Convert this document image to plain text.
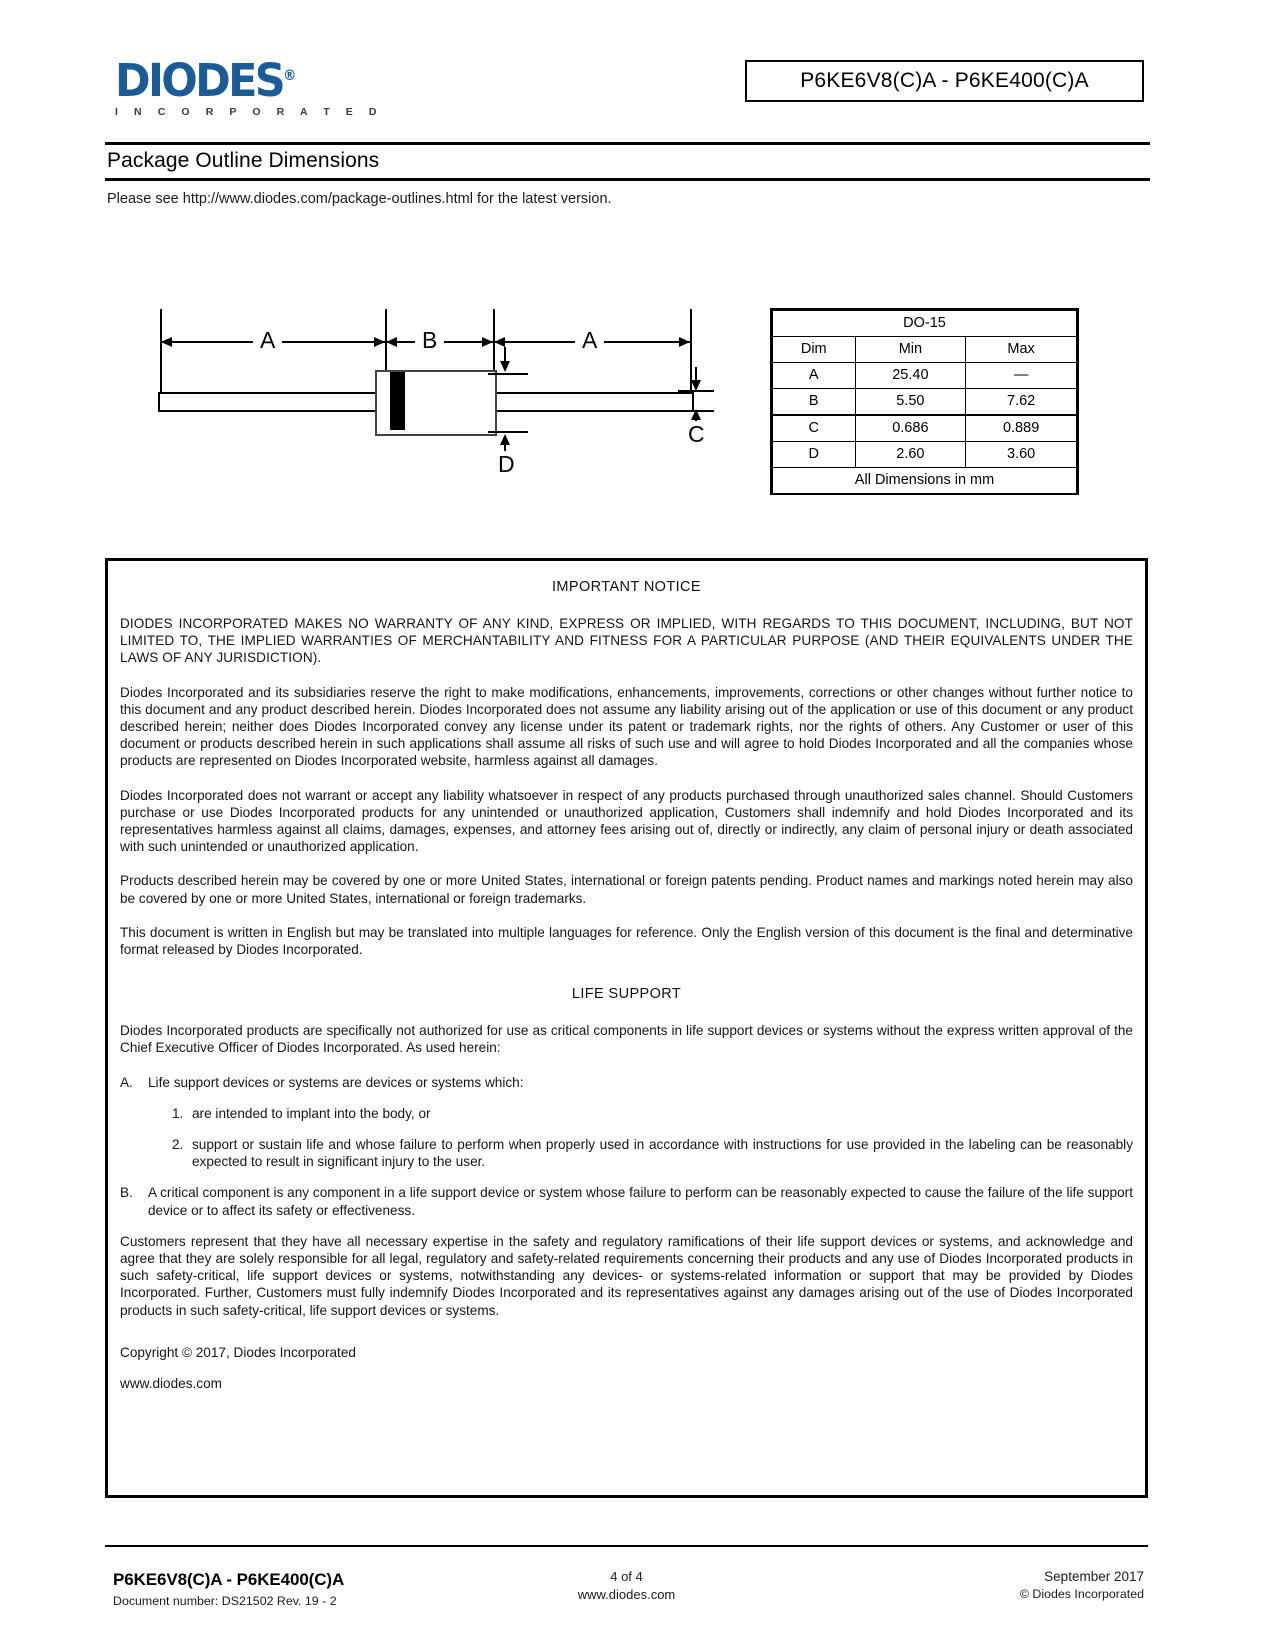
DIODES®
I N C O R P O R A T E D
P6KE6V8(C)A - P6KE400(C)A
Package Outline Dimensions
Please see http://www.diodes.com/package-outlines.html for the latest version.
A	B	A
D
C
DO-15		
Dim	Min	Max
A	25.40	—
B	5.50	7.62
C	0.686	0.889
D	2.60	3.60
All Dimensions in mm		
IMPORTANT NOTICE

DIODES INCORPORATED MAKES NO WARRANTY OF ANY KIND, EXPRESS OR IMPLIED, WITH REGARDS TO THIS DOCUMENT, INCLUDING, BUT NOT LIMITED TO, THE IMPLIED WARRANTIES OF MERCHANTABILITY AND FITNESS FOR A PARTICULAR PURPOSE (AND THEIR EQUIVALENTS UNDER THE LAWS OF ANY JURISDICTION).

Diodes Incorporated and its subsidiaries reserve the right to make modifications, enhancements, improvements, corrections or other changes without further notice to this document and any product described herein. Diodes Incorporated does not assume any liability arising out of the application or use of this document or any product described herein; neither does Diodes Incorporated convey any license under its patent or trademark rights, nor the rights of others. Any Customer or user of this document or products described herein in such applications shall assume all risks of such use and will agree to hold Diodes Incorporated and all the companies whose products are represented on Diodes Incorporated website, harmless against all damages.

Diodes Incorporated does not warrant or accept any liability whatsoever in respect of any products purchased through unauthorized sales channel. Should Customers purchase or use Diodes Incorporated products for any unintended or unauthorized application, Customers shall indemnify and hold Diodes Incorporated and its representatives harmless against all claims, damages, expenses, and attorney fees arising out of, directly or indirectly, any claim of personal injury or death associated with such unintended or unauthorized application.

Products described herein may be covered by one or more United States, international or foreign patents pending. Product names and markings noted herein may also be covered by one or more United States, international or foreign trademarks.

This document is written in English but may be translated into multiple languages for reference. Only the English version of this document is the final and determinative format released by Diodes Incorporated.

LIFE SUPPORT

Diodes Incorporated products are specifically not authorized for use as critical components in life support devices or systems without the express written approval of the Chief Executive Officer of Diodes Incorporated. As used herein:

A.	Life support devices or systems are devices or systems which:
1. are intended to implant into the body, or
2. support or sustain life and whose failure to perform when properly used in accordance with instructions for use provided in the labeling can be reasonably expected to result in significant injury to the user.
B.	A critical component is any component in a life support device or system whose failure to perform can be reasonably expected to cause the failure of the life support device or to affect its safety or effectiveness.

Customers represent that they have all necessary expertise in the safety and regulatory ramifications of their life support devices or systems, and acknowledge and agree that they are solely responsible for all legal, regulatory and safety-related requirements concerning their products and any use of Diodes Incorporated products in such safety-critical, life support devices or systems, notwithstanding any devices- or systems-related information or support that may be provided by Diodes Incorporated. Further, Customers must fully indemnify Diodes Incorporated and its representatives against any damages arising out of the use of Diodes Incorporated products in such safety-critical, life support devices or systems.

Copyright © 2017, Diodes Incorporated
www.diodes.com
P6KE6V8(C)A - P6KE400(C)A
Document number: DS21502 Rev. 19 - 2
4 of 4
www.diodes.com
September 2017
© Diodes Incorporated
